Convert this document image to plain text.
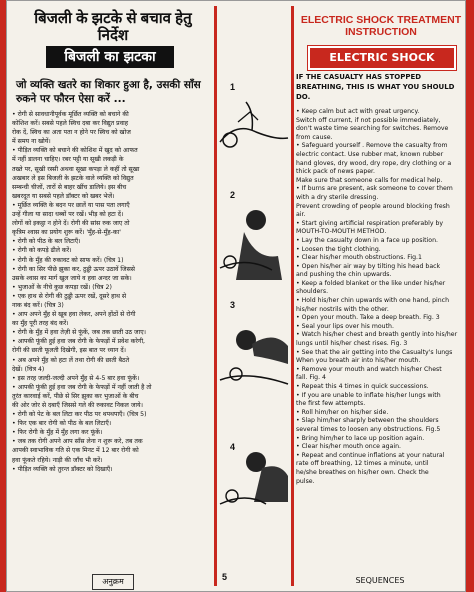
बिजली के झटके से बचाव हेतु
निर्देश
बिजली का झटका
जो व्यक्ति खतरे का शिकार हुआ है, उसकी साँस रुकने पर फौरन ऐसा करें ...

• रोगी से सावधानीपूर्वक मूर्छित व्यक्ति को बचाने की

कोशिश करें। सबसे पहले स्विच दबा कर विद्युत प्रवाह

रोक दें, स्विच का अता पता न होने पर स्विच को खोज

में समय ना खोयें।

• पीड़ित व्यक्ति को बचाने की कोशिश में खुद को आफत

में नहीं डालना चाहिए। रबर पट्टी या सूखी लकड़ी के

तख्ते पर, सूखी रस्सी अथवा सूखा कपड़ा ले कहीं तो सूखा

अखबार ले इस बिजली के झटके वाले व्यक्ति को विद्युत

सम्बन्धी चीजों, तारों से बाहर खींच डालिये। इस बीच

खबरदूत या सबसे पहले डॉक्टर को खबर भेजें।

• मूर्छित व्यक्ति के बदन पर छालें या पास पता लगाएँ

उन्हें गीला या सादा धब्बों पर रखें। भीड़ को हटा दें।

लोगों को इकट्ठा न होने दें। रोगी की सांस रुक जाए तो

कृत्रिम श्वास का प्रयोग शुरू करें। 'मुँह-से-मुँह-का'

• रोगी को पीठ के बल लिटाएँ।

• रोगी को कपड़े ढीले करें।

• रोगी के मुँह की रुकावट को साफ करें। (चित्र 1)

• रोगी का सिर पीछे झुका कर, ठुड्डी ऊपर उठावें जिससे

उसके श्वास का मार्ग खुल जाये व हवा अन्दर जा सके।

• भुजाओं के नीचे कुछ कपड़ा रखें। (चित्र 2)

• एक हाथ से रोगी की ठुड्डी ऊपर रखें, दूसरे हाथ से

नाक बंद करें। (चित्र 3)

• आप अपने मुँह से खूब हवा लेकर, अपने होंठों से रोगी

का मुँह पूरी तरह बंद करें।

• रोगी के मुँह में हवा तेज़ी से फूंकें, जब तक छाती उठ जाए।

• आपकी फूंकी हुई हवा जब रोगी के फेफड़ों में प्रवेश करेगी,

रोगी की छाती फूलती दिखेगी, इस बात पर ध्यान दें।

• अब अपने मुँह को हटा लें तथा रोगी की छाती बैठते

देखें। (चित्र 4)

• इस तरह जल्दी-जल्दी अपने मुँह से 4-5 बार हवा फूंकें।

• आपकी फूंकी हुई हवा जब रोगी के फेफड़ों में नहीं जाती है तो

तुरंत कारवाई करें, पीछे से सिर झुका कर भुजाओं के बीच

की ओर जोर से दबाएँ जिससे गले की रुकावट निकल जाये।

• रोगी को पेट के बल लिटा कर पीठ पर थपथपाएँ। (चित्र 5)

• फिर एक बार रोगी को पीठ के बल लिटाएँ।

• फिर रोगी के मुँह में मुँह लगा कर फूंकें।

• जब तक रोगी अपने आप साँस लेना न शुरू करे, तब तक

आपकी स्वाभाविक गति से एक मिनट में 12 बार रोगी को

हवा फूंकते रहिये। नाड़ी की जाँच भी करें।

• पीड़ित व्यक्ति को तुरन्त डॉक्टर को दिखाएँ।

अनुक्रम
1
2
3
4
5
ELECTRIC SHOCK TREATMENT INSTRUCTION
ELECTRIC SHOCK
IF THE CASUALTY HAS STOPPED BREATHING, THIS IS WHAT YOU SHOULD DO.

• Keep calm but act with great urgency.

Switch off current, if not possible immediately,

don't waste time searching for switches. Remove

from cause.

• Safeguard yourself . Remove the casualty from

electric contact. Use rubber mat, known rubber

hand gloves, dry wood, dry rope, dry clothing or a

thick pack of news paper.

Make sure that someone calls for medical help.

• If burns are present, ask someone to cover them

with a dry sterile dressing.

Prevent crowding of people around blocking fresh

air.

• Start giving artificial respiration preferably by

MOUTH-TO-MOUTH METHOD.

• Lay the casualty down in a face up position.

• Loosen the tight clothing.

• Clear his/her mouth obstructions. Fig.1

• Open his/her air way by tilting his head back

and pushing the chin upwards.

• Keep a folded blanket or the like under his/her

shoulders.

• Hold his/her chin upwards with one hand, pinch

his/her nostrils with the other.

• Open your mouth. Take a deep breath. Fig. 3

• Seal your lips over his mouth.

• Watch his/her chest and breath gently into his/her

lungs until his/her chest rises. Fig. 3

• See that the air getting into the Casualty's lungs

When you breath air into his/her mouth.

• Remove your mouth and watch his/her Chest

fall. Fig. 4

• Repeat this 4 times in quick successions.

• If you are unable to inflate his/her lungs with

the first few attempts.

• Roll him/her on his/her side.

• Slap him/her sharply between the shoulders

several times to loosen any obstructions. Fig.5

• Bring him/her to lace up position again.

• Clear his/her mouth once again.

• Repeat and continue inflations at your natural

rate off breathing, 12 times a minute, until

he/she breathes on his/her own. Check the

pulse.

SEQUENCES
